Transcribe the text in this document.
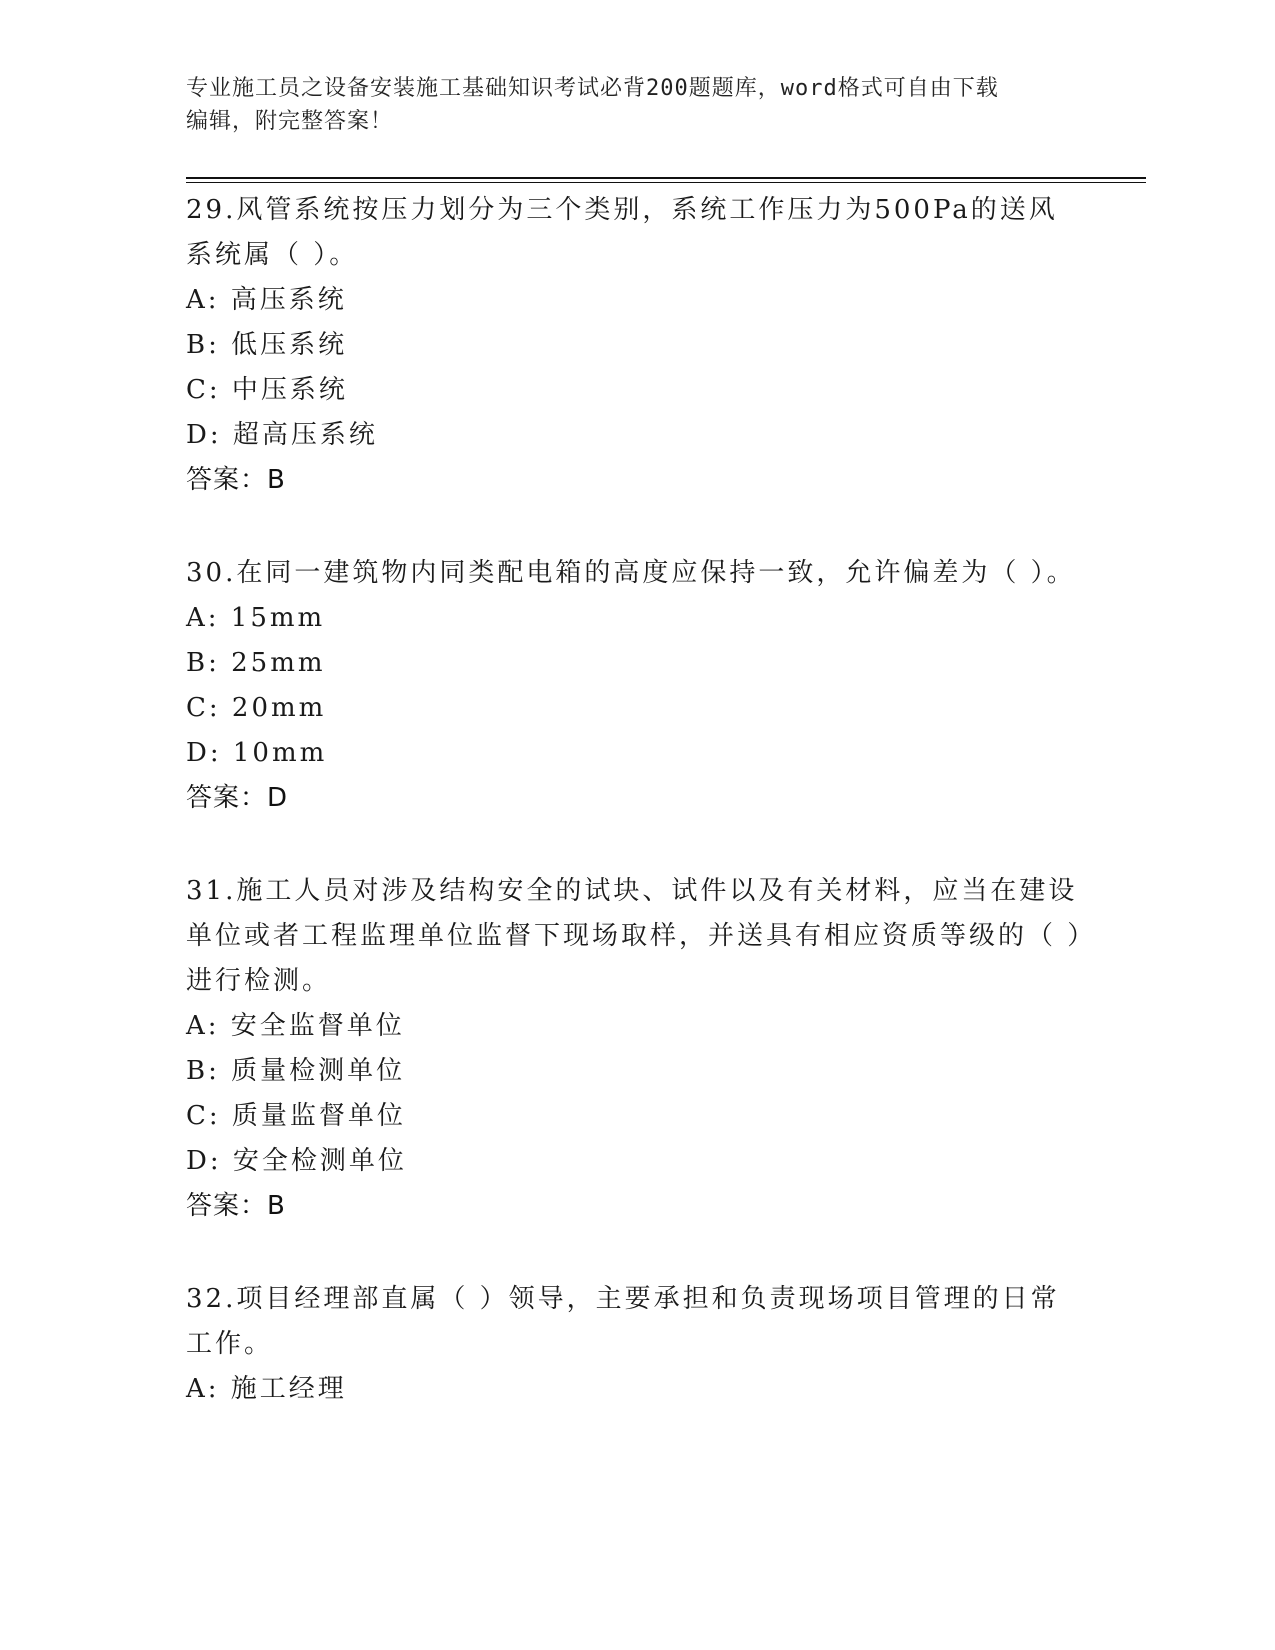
专业施工员之设备安装施工基础知识考试必背200题题库，word格式可自由下载
编辑，附完整答案！

29.风管系统按压力划分为三个类别，系统工作压力为500Pa的送风系统属（ ）。

A: 高压系统

B: 低压系统

C: 中压系统

D: 超高压系统

答案：B

30.在同一建筑物内同类配电箱的高度应保持一致，允许偏差为（ ）。

A: 15mm

B: 25mm

C: 20mm

D: 10mm

答案：D

31.施工人员对涉及结构安全的试块、试件以及有关材料，应当在建设单位或者工程监理单位监督下现场取样，并送具有相应资质等级的（ ）进行检测。

A: 安全监督单位

B: 质量检测单位

C: 质量监督单位

D: 安全检测单位

答案：B

32.项目经理部直属（ ）领导，主要承担和负责现场项目管理的日常工作。

A: 施工经理
